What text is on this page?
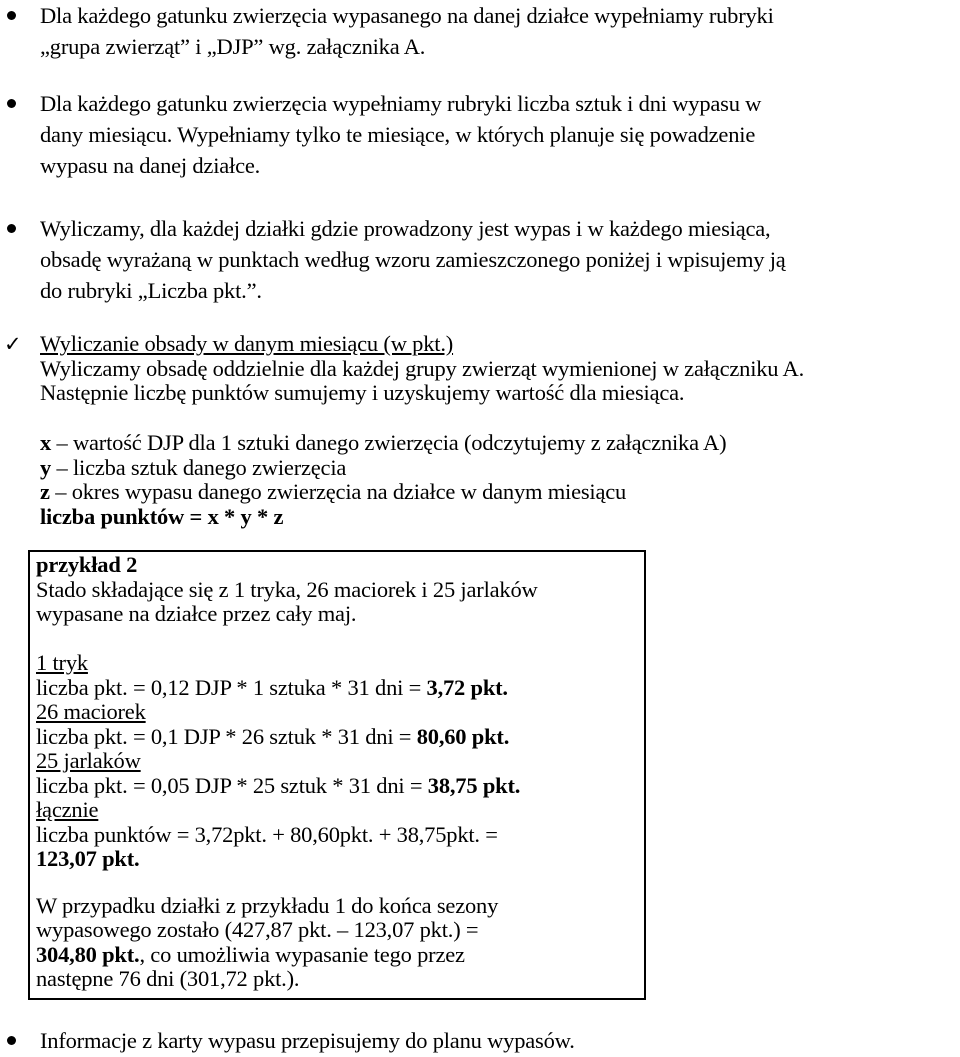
Dla każdego gatunku zwierzęcia wypasanego na danej działce wypełniamy rubryki
„grupa zwierząt” i „DJP” wg. załącznika A.
Dla każdego gatunku zwierzęcia wypełniamy rubryki liczba sztuk i dni wypasu w
dany miesiącu. Wypełniamy tylko te miesiące, w których planuje się powadzenie
wypasu na danej działce.
Wyliczamy, dla każdej działki gdzie prowadzony jest wypas i w każdego miesiąca,
obsadę wyrażaną w punktach według wzoru zamieszczonego poniżej i wpisujemy ją
do rubryki „Liczba pkt.”.
✓ Wyliczanie obsady w danym miesiącu (w pkt.)
Wyliczamy obsadę oddzielnie dla każdej grupy zwierząt wymienionej w załączniku A.
Następnie liczbę punktów sumujemy i uzyskujemy wartość dla miesiąca.
x – wartość DJP dla 1 sztuki danego zwierzęcia (odczytujemy z załącznika A)
y – liczba sztuk danego zwierzęcia
z – okres wypasu danego zwierzęcia na działce w danym miesiącu
liczba punktów = x * y * z
przykład 2
Stado składające się z 1 tryka, 26 maciorek i 25 jarlaków
wypasane na działce przez cały maj.
1 tryk
liczba pkt. = 0,12 DJP * 1 sztuka * 31 dni = 3,72 pkt.
26 maciorek
liczba pkt. = 0,1 DJP * 26 sztuk * 31 dni = 80,60 pkt.
25 jarlaków
liczba pkt. = 0,05 DJP * 25 sztuk * 31 dni = 38,75 pkt.
łącznie
liczba punktów = 3,72pkt. + 80,60pkt. + 38,75pkt. =
123,07 pkt.
W przypadku działki z przykładu 1 do końca sezony
wypasowego zostało (427,87 pkt. – 123,07 pkt.) =
304,80 pkt., co umożliwia wypasanie tego przez
następne 76 dni (301,72 pkt.).
Informacje z karty wypasu przepisujemy do planu wypasów.
